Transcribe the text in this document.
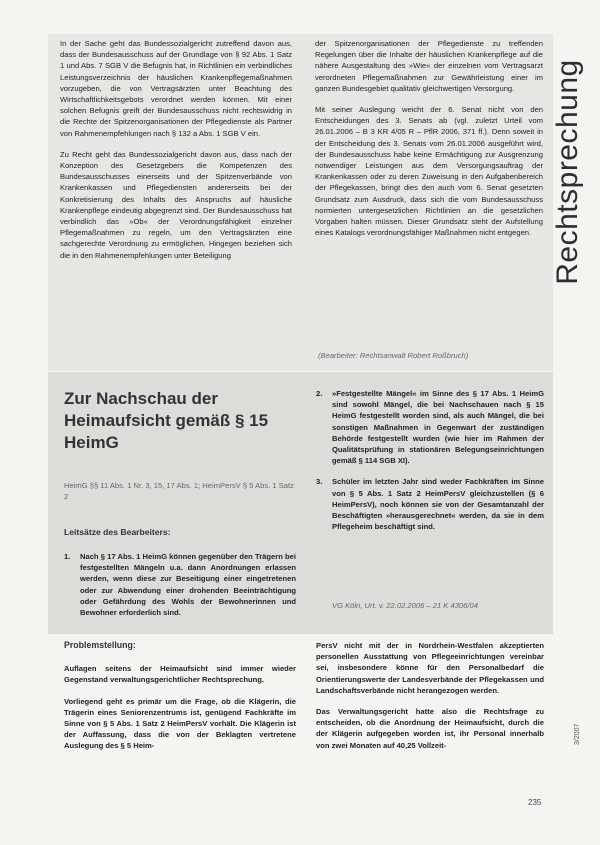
Rechtsprechung

In der Sache geht das Bundessozialgericht zutreffend davon aus, dass der Bundesausschuss auf der Grundlage von § 92 Abs. 1 Satz 1 und Abs. 7 SGB V die Befugnis hat, in Richtlinien ein verbindliches Leistungsverzeichnis der häuslichen Krankenpflegemaßnahmen vorzugeben, die von Vertragsärzten unter Beachtung des Wirtschaftlichkeitsgebots verordnet werden können. Mit einer solchen Befugnis greift der Bundesausschuss nicht rechtswidrig in die Rechte der Spitzenorganisationen der Pflegedienste als Partner von Rahmenempfehlungen nach § 132 a Abs. 1 SGB V ein.

Zu Recht geht das Bundessozialgericht davon aus, dass nach der Konzeption des Gesetzgebers die Kompetenzen des Bundesausschusses einerseits und der Spitzenverbände von Krankenkassen und Pflegediensten andererseits bei der Konkretisierung des Inhalts des Anspruchs auf häusliche Krankenpflege eindeutig abgegrenzt sind. Der Bundesausschuss hat verbindlich das »Ob« der Verordnungsfähigkeit einzelner Pflegemaßnahmen zu regeln, um den Vertragsärzten eine sachgerechte Verordnung zu ermöglichen. Hingegen beziehen sich die in den Rahmenempfehlungen unter Beteiligung

der Spitzenorganisationen der Pflegedienste zu treffenden Regelungen über die Inhalte der häuslichen Krankenpflege auf die nähere Ausgestaltung des »Wie« der einzelnen vom Vertragsarzt verordneten Pflegemaßnahmen zur Gewährleistung einer im ganzen Bundesgebiet qualitativ gleichwertigen Versorgung.

Mit seiner Auslegung weicht der 6. Senat nicht von den Entscheidungen des 3. Senats ab (vgl. zuletzt Urteil vom 26.01.2006 – B 3 KR 4/05 R – PflR 2006, 371 ff.). Denn soweit in der Entscheidung des 3. Senats vom 26.01.2006 ausgeführt wird, der Bundesausschuss habe keine Ermächtigung zur Ausgrenzung notwendiger Leistungen aus dem Versorgungsauftrag der Krankenkassen oder zu deren Zuweisung in den Aufgabenbereich der Pflegekassen, bringt dies den auch vom 6. Senat gesetzten Grundsatz zum Ausdruck, dass sich die vom Bundesausschuss normierten untergesetzlichen Richtlinien an die gesetzlichen Vorgaben halten müssen. Dieser Grundsatz steht der Aufstellung eines Katalogs verordnungsfähiger Maßnahmen nicht entgegen.

(Bearbeiter: Rechtsanwalt Robert Roßbruch)
Zur Nachschau der Heimaufsicht gemäß § 15 HeimG
HeimG §§ 11 Abs. 1 Nr. 3, 15, 17 Abs. 1; HeimPersV § 5 Abs. 1 Satz 2
Leitsätze des Bearbeiters:
1. Nach § 17 Abs. 1 HeimG können gegenüber den Trägern bei festgestellten Mängeln u.a. dann Anordnungen erlassen werden, wenn diese zur Beseitigung einer eingetretenen oder zur Abwendung einer drohenden Beeinträchtigung oder Gefährdung des Wohls der Bewohnerinnen und Bewohner erforderlich sind.
2. »Festgestellte Mängel« im Sinne des § 17 Abs. 1 HeimG sind sowohl Mängel, die bei Nachschauen nach § 15 HeimG festgestellt worden sind, als auch Mängel, die bei sonstigen Maßnahmen in Gegenwart der zuständigen Behörde festgestellt wurden (wie hier im Rahmen der Qualitätsprüfung in stationären Belegungseinrichtungen gemäß § 114 SGB XI).
3. Schüler im letzten Jahr sind weder Fachkräften im Sinne von § 5 Abs. 1 Satz 2 HeimPersV gleichzustellen (§ 6 HeimPersV), noch können sie von der Gesamtanzahl der Beschäftigten »herausgerechnet« werden, da sie in dem Pflegeheim beschäftigt sind.
VG Köln, Urt. v. 22.02.2006 – 21 K 4306/04
Problemstellung:

Auflagen seitens der Heimaufsicht sind immer wieder Gegenstand verwaltungsgerichtlicher Rechtsprechung.

Vorliegend geht es primär um die Frage, ob die Klägerin, die Trägerin eines Seniorenzentrums ist, genügend Fachkräfte im Sinne von § 5 Abs. 1 Satz 2 HeimPersV vorhält. Die Klägerin ist der Auffassung, dass die von der Beklagten vertretene Auslegung des § 5 Heim-

PersV nicht mit der in Nordrhein-Westfalen akzeptierten personellen Ausstattung von Pflegeeinrichtungen vereinbar sei, insbesondere könne für den Personalbedarf die Orientierungswerte der Landesverbände der Pflegekassen und Landschaftsverbände nicht herangezogen werden.

Das Verwaltungsgericht hatte also die Rechtsfrage zu entscheiden, ob die Anordnung der Heimaufsicht, durch die der Klägerin aufgegeben worden ist, ihr Personal innerhalb von zwei Monaten auf 40,25 Vollzeit-

235
3/2007
